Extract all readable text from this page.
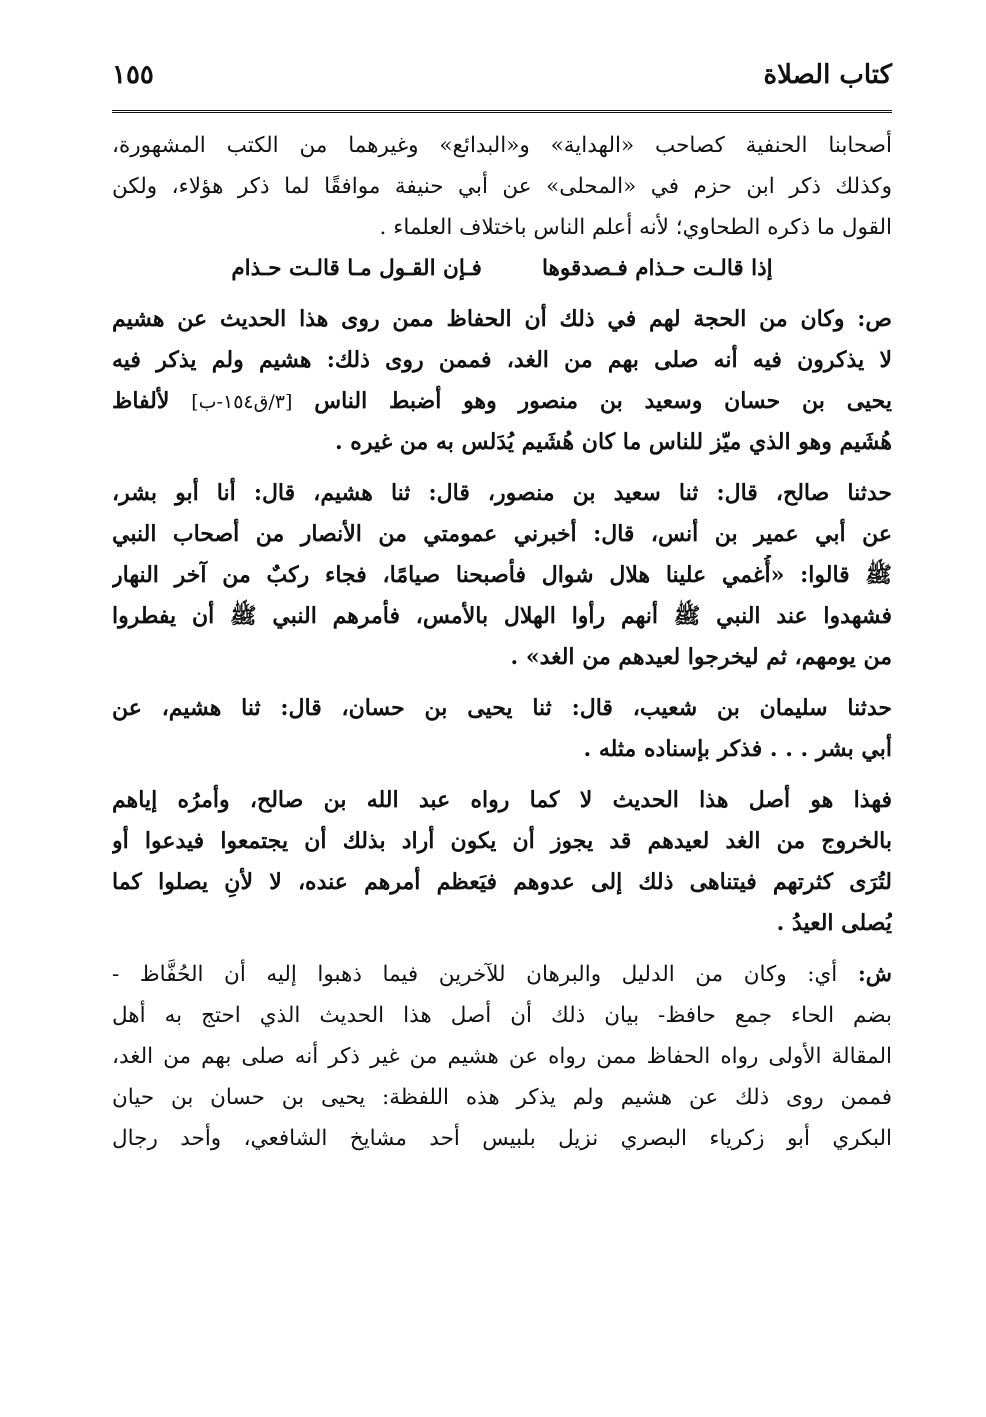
كتاب الصلاة
١٥٥
أصحابنا الحنفية كصاحب «الهداية» و«البدائع» وغيرهما من الكتب المشهورة،
وكذلك ذكر ابن حزم في «المحلى» عن أبي حنيفة موافقًا لما ذكر هؤلاء، ولكن
القول ما ذكره الطحاوي؛ لأنه أعلم الناس باختلاف العلماء .
إذا قالـت حـذام فـصدقوها
فـإن القـول مـا قالـت حـذام
ص: وكان من الحجة لهم في ذلك أن الحفاظ ممن روى هذا الحديث عن هشيم
لا يذكرون فيه أنه صلى بهم من الغد، فممن روى ذلك: هشيم ولم يذكر فيه
يحيى بن حسان وسعيد بن منصور وهو أضبط الناس [٣/ق١٥٤-ب] لألفاظ
هُشَيم وهو الذي ميّز للناس ما كان هُشَيم يُدَلس به من غيره .
حدثنا صالح، قال: ثنا سعيد بن منصور، قال: ثنا هشيم، قال: أنا أبو بشر،
عن أبي عمير بن أنس، قال: أخبرني عمومتي من الأنصار من أصحاب النبي
ﷺ قالوا: «أُغمي علينا هلال شوال فأصبحنا صيامًا، فجاء ركبٌ من آخر النهار
فشهدوا عند النبي ﷺ أنهم رأوا الهلال بالأمس، فأمرهم النبي ﷺ أن يفطروا
من يومهم، ثم ليخرجوا لعيدهم من الغد» .
حدثنا سليمان بن شعيب، قال: ثنا يحيى بن حسان، قال: ثنا هشيم، عن
أبي بشر . . . فذكر بإسناده مثله .
فهذا هو أصل هذا الحديث لا كما رواه عبد الله بن صالح، وأمرُه إياهم
بالخروج من الغد لعيدهم قد يجوز أن يكون أراد بذلك أن يجتمعوا فيدعوا أو
لتُرَى كثرتهم فيتناهى ذلك إلى عدوهم فيَعظم أمرهم عنده، لا لأنِ يصلوا كما
يُصلى العيدُ .
ش: أي: وكان من الدليل والبرهان للآخرين فيما ذهبوا إليه أن الحُفَّاظ -
بضم الحاء جمع حافظ- بيان ذلك أن أصل هذا الحديث الذي احتج به أهل
المقالة الأولى رواه الحفاظ ممن رواه عن هشيم من غير ذكر أنه صلى بهم من الغد،
فممن روى ذلك عن هشيم ولم يذكر هذه اللفظة: يحيى بن حسان بن حيان
البكري أبو زكرياء البصري نزيل بلبيس أحد مشايخ الشافعي، وأحد رجال
